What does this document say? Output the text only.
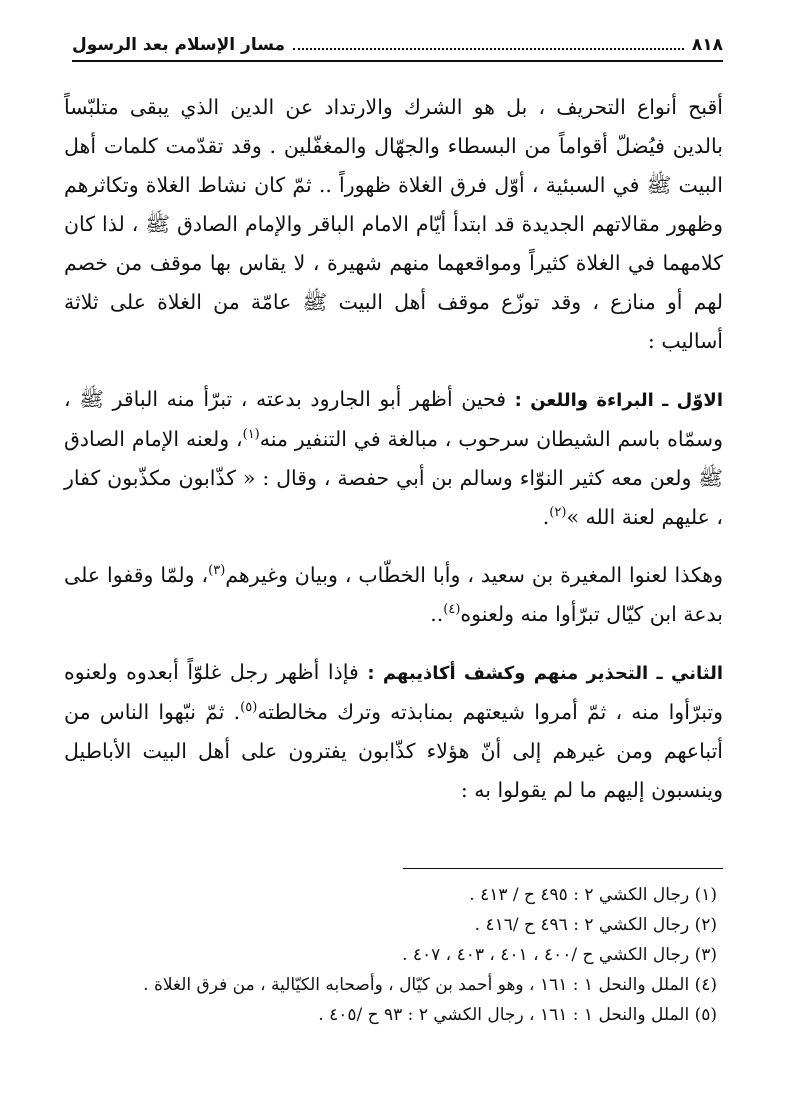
٨١٨
مسار الإسلام بعد الرسول

أقبح أنواع التحريف ، بل هو الشرك والارتداد عن الدين الذي يبقى متلبّساً بالدين فيُضلّ أقواماً من البسطاء والجهّال والمغفّلين . وقد تقدّمت كلمات أهل البيت ﷺ في السبئية ، أوّل فرق الغلاة ظهوراً .. ثمّ كان نشاط الغلاة وتكاثرهم وظهور مقالاتهم الجديدة قد ابتدأ أيّام الامام الباقر والإمام الصادق ﷺ ، لذا كان كلامهما في الغلاة كثيراً ومواقعهما منهم شهيرة ، لا يقاس بها موقف من خصم لهم أو منازع ، وقد توزّع موقف أهل البيت ﷺ عامّة من الغلاة على ثلاثة أساليب :

الاوّل ـ البراءة واللعن : فحين أظهر أبو الجارود بدعته ، تبرّأ منه الباقر ﷺ ، وسمّاه باسم الشيطان سرحوب ، مبالغة في التنفير منه$^{(١)}$، ولعنه الإمام الصادق ﷺ ولعن معه كثير النوّاء وسالم بن أبي حفصة ، وقال : « كذّابون مكذّبون كفار ، عليهم لعنة الله »$^{(٢)}$.

وهكذا لعنوا المغيرة بن سعيد ، وأبا الخطّاب ، وبيان وغيرهم$^{(٣)}$، ولمّا وقفوا على بدعة ابن كيّال تبرّأوا منه ولعنوه$^{(٤)}$..

الثاني ـ التحذير منهم وكشف أكاذيبهم : فإذا أظهر رجل غلوّاً أبعدوه ولعنوه وتبرّأوا منه ، ثمّ أمروا شيعتهم بمنابذته وترك مخالطته$^{(٥)}$. ثمّ نبّهوا الناس من أتباعهم ومن غيرهم إلى أنّ هؤلاء كذّابون يفترون على أهل البيت الأباطيل وينسبون إليهم ما لم يقولوا به :

(١) رجال الكشي ٢ : ٤٩٥ ح / ٤١٣ .

(٢) رجال الكشي ٢ : ٤٩٦ ح /٤١٦ .

(٣) رجال الكشي ح /٤٠٠ ، ٤٠١ ، ٤٠٣ ، ٤٠٧ .

(٤) الملل والنحل ١ : ١٦١ ، وهو أحمد بن كيّال ، وأصحابه الكيّالية ، من فرق الغلاة .

(٥) الملل والنحل ١ : ١٦١ ، رجال الكشي ٢ : ٩٣ ح /٤٠٥ .
